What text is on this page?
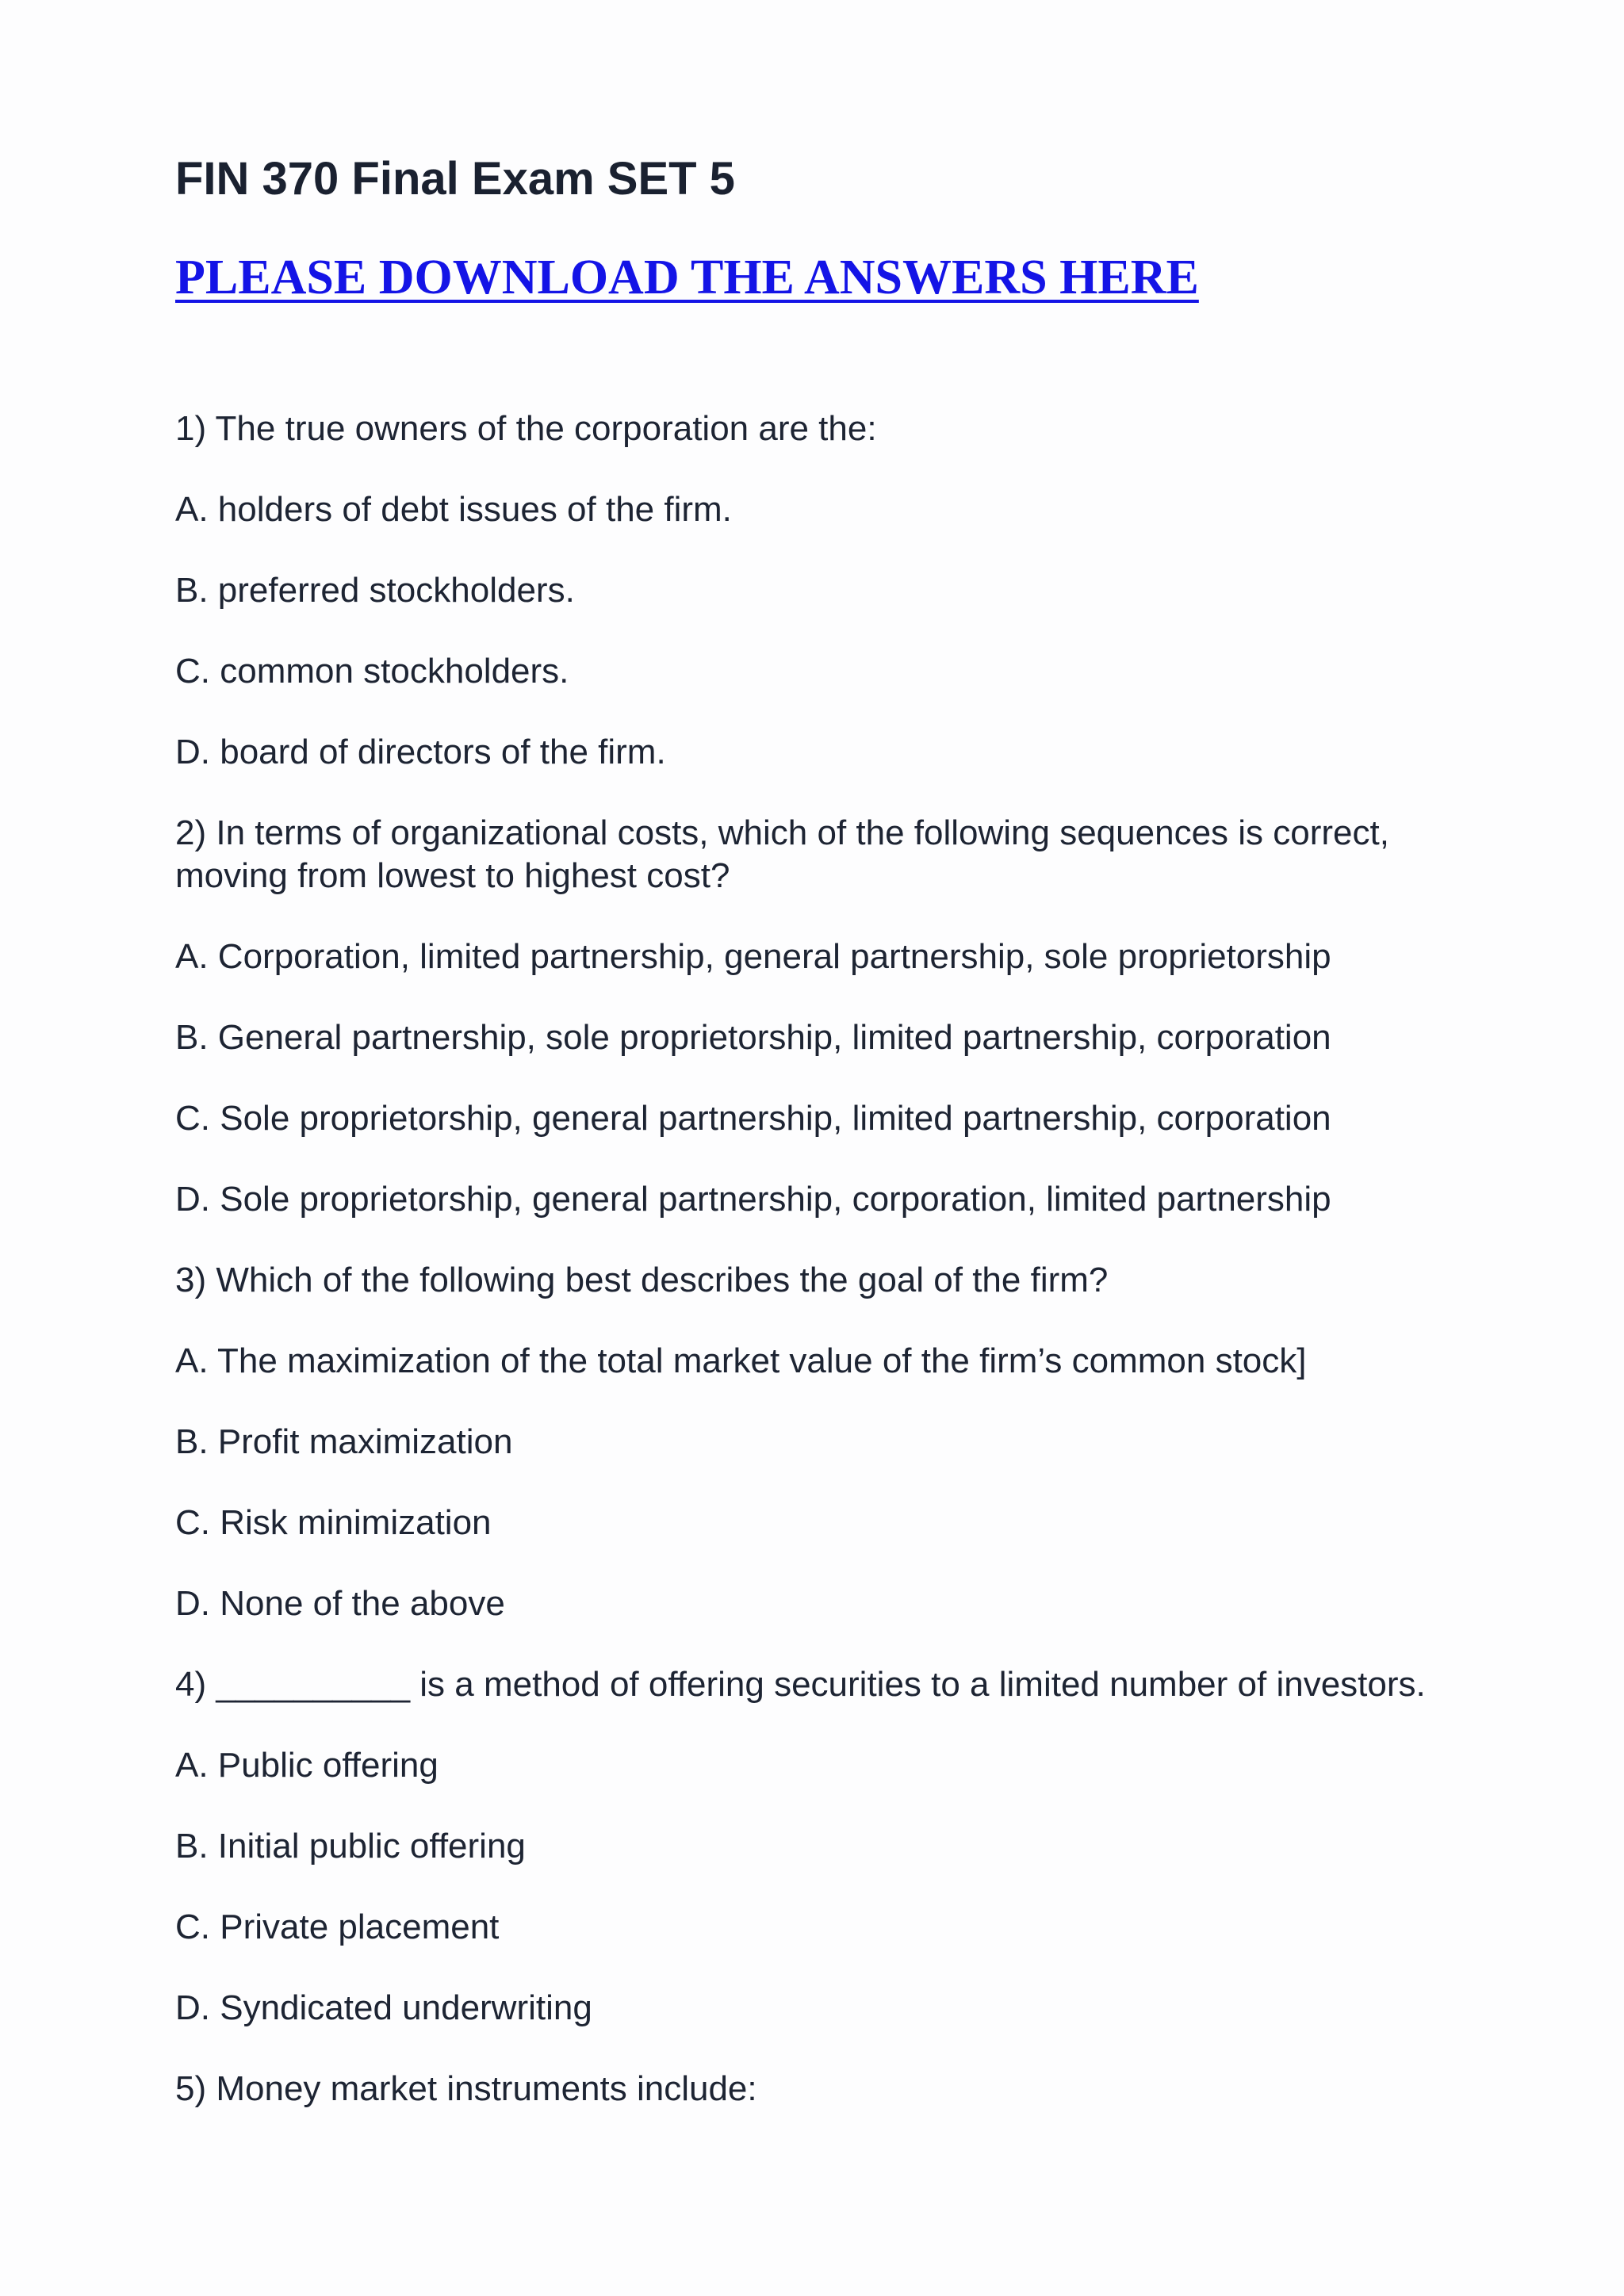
FIN 370 Final Exam SET 5
PLEASE DOWNLOAD THE ANSWERS HERE

1) The true owners of the corporation are the:

A. holders of debt issues of the firm.

B. preferred stockholders.

C. common stockholders.

D. board of directors of the firm.

2) In terms of organizational costs, which of the following sequences is correct, moving from lowest to highest cost?

A. Corporation, limited partnership, general partnership, sole proprietorship

B. General partnership, sole proprietorship, limited partnership, corporation

C. Sole proprietorship, general partnership, limited partnership, corporation

D. Sole proprietorship, general partnership, corporation, limited partnership

3) Which of the following best describes the goal of the firm?

A. The maximization of the total market value of the firm’s common stock]

B. Profit maximization

C. Risk minimization

D. None of the above

4) __________ is a method of offering securities to a limited number of investors.

A. Public offering

B. Initial public offering

C. Private placement

D. Syndicated underwriting

5) Money market instruments include:
